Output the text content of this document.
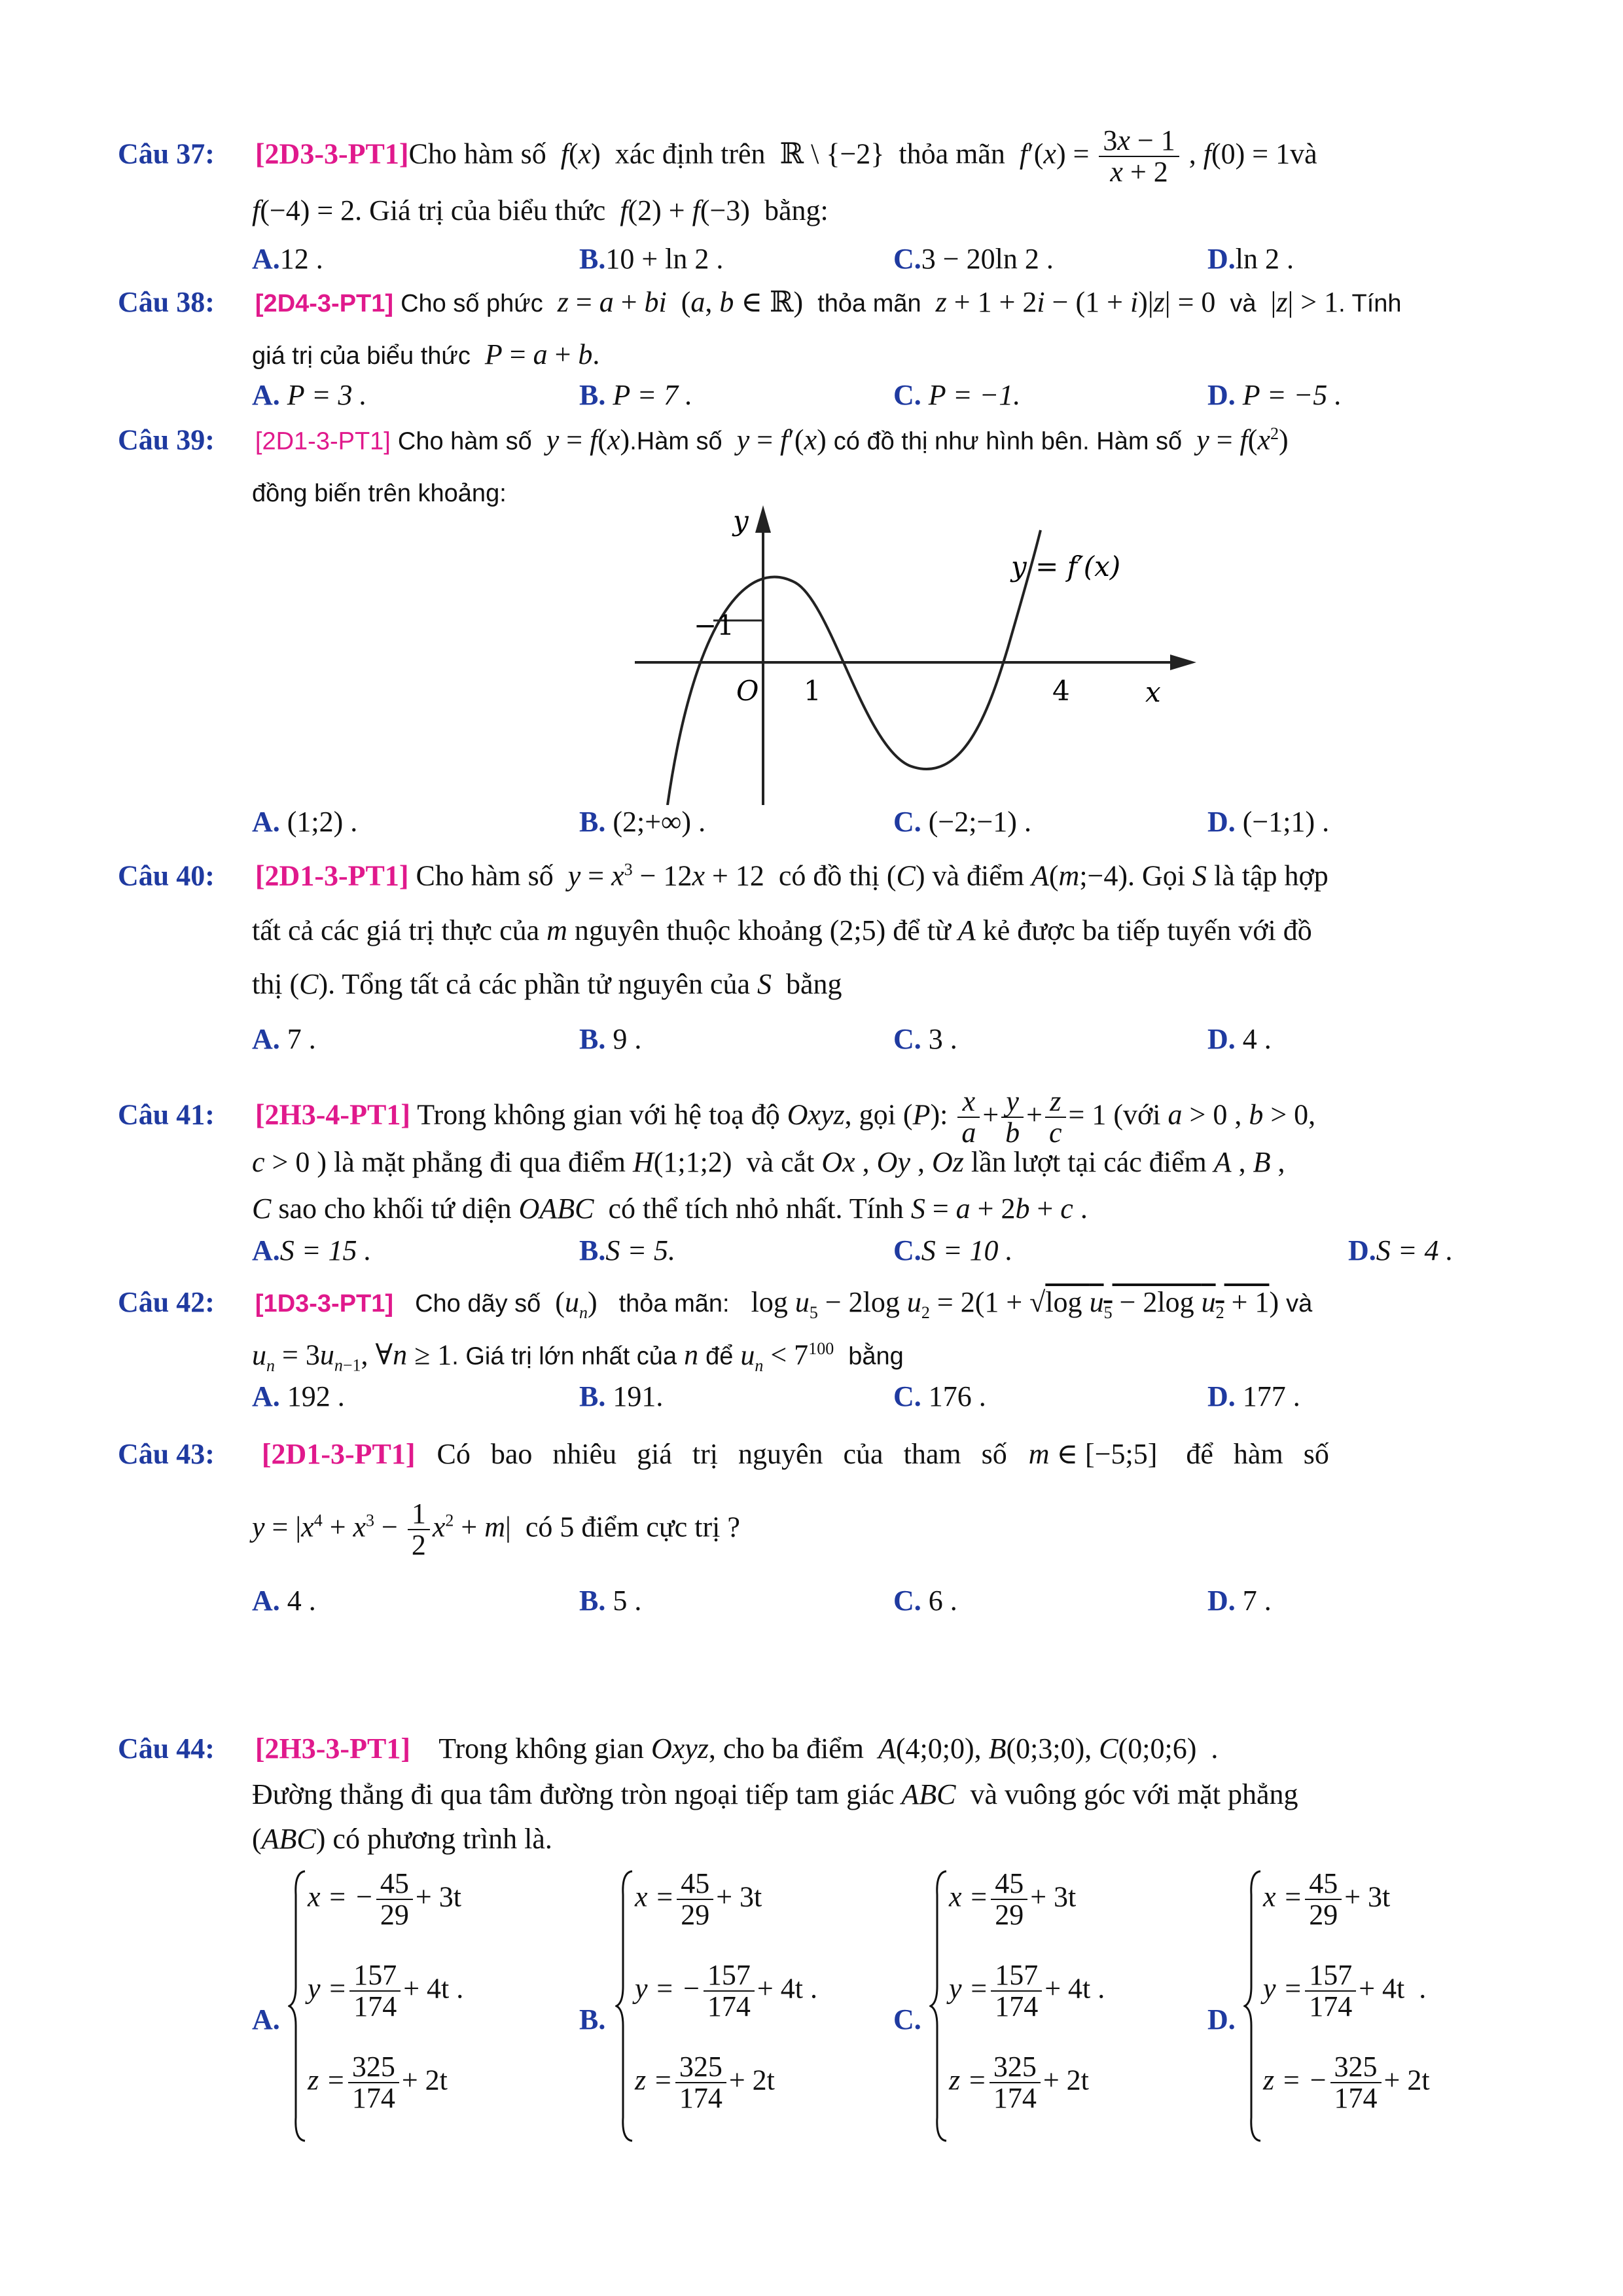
Câu 37: [2D3-3-PT1]Cho hàm số f(x)  xác định trên  ℝ \ {−2}  thỏa mãn $f'(x) = \frac{3x - 1}{x + 2}$ , f(0) = 1và
f(−4) = 2. Giá trị của biểu thức f(2) + f(−3)  bằng:
A.12 .	B.10 + ln 2 .	C.3 − 20ln 2 .	D.ln 2 .
Câu 38: [2D4-3-PT1] Cho số phức z = a + bi  (a, b ∈ ℝ)  thỏa mãn z + 1 + 2i − (1 + i)|z| = 0  và  |z| > 1. Tính
giá trị của biểu thức P = a + b.
A. P = 3 .	B. P = 7 .	C. P = −1.	D. P = −5 .
Câu 39: [2D1-3-PT1] Cho hàm số y = f(x).Hàm số y = f′(x) có đồ thị như hình bên. Hàm số $y = f(x^2)$
đồng biến trên khoảng:
y
x
y = f′(x)
−1
O 1	4
A. (1;2) .	B. (2;+∞) .	C. (−2;−1) .	D. (−1;1) .
Câu 40: [2D1-3-PT1] Cho hàm số $y = x^3 - 12x + 12$  có đồ thị (C) và điểm A(m;−4). Gọi S là tập hợp
tất cả các giá trị thực của m nguyên thuộc khoảng (2;5) để từ A kẻ được ba tiếp tuyến với đồ
thị (C). Tổng tất cả các phần tử nguyên của S bằng
A. 7 .	B. 9 .	C. 3 .	D. 4 .
Câu 41: [2H3-4-PT1] Trong không gian với hệ toạ độ Oxyz, gọi (P): $\frac{x}{a} + \frac{y}{b} + \frac{z}{c} = 1$ (với a > 0 , b > 0,
c > 0 ) là mặt phẳng đi qua điểm H(1;1;2)  và cắt Ox , Oy , Oz lần lượt tại các điểm A , B ,
C sao cho khối tứ diện OABC có thể tích nhỏ nhất. Tính S = a + 2b + c .
A.S = 15 .	B.S = 5.	C.S = 10 .	D.S = 4 .
Câu 42: [1D3-3-PT1] Cho dãy số  $(u_n)$   thỏa mãn:   $\log u_5 - 2\log$ $u_2 = 2(1 + √\log$ $u_5 - 2\log$ $u_2 + 1$) và
$u_n = 3u_{n-1}$, ∀n ≥ 1. Giá trị lớn nhất của n để $u_n < 7^{100}$ bằng
A. 192 .	B. 191.	C. 176 .	D. 177 .
Câu 43: [2D1-3-PT1] Có bao nhiêu giá trị nguyên của tham số m ∈ [−5;5]    để hàm số
$y = |x^4 + x^3 - \frac{1}{2} x^2 + m|$  có 5 điểm cực trị ?
A. 4 .	B. 5 .	C. 6 .	D. 7 .
Câu 44: [2H3-3-PT1] Trong không gian Oxyz, cho ba điểm A(4;0;0), B(0;3;0), C(0;0;6)  .
Đường thẳng đi qua tâm đường tròn ngoại tiếp tam giác ABC và vuông góc với mặt phẳng
(ABC) có phương trình là.
A.
x = − $\frac{45}{29} + 3t$
$y = \frac{157}{174} + 4t$ .
$z = \frac{325}{174} + 2t$
B.
$x = \frac{45}{29} + 3t$
y = − $\frac{157}{174} + 4t$ .
$z = \frac{325}{174} + 2t$
C.
$x = \frac{45}{29} + 3t$
$y = \frac{157}{174} + 4t$ .
$z = \frac{325}{174} + 2t$
D.
$x = \frac{45}{29} + 3t$
$y = \frac{157}{174} + 4t$  .
z = − $\frac{325}{174} + 2t$
